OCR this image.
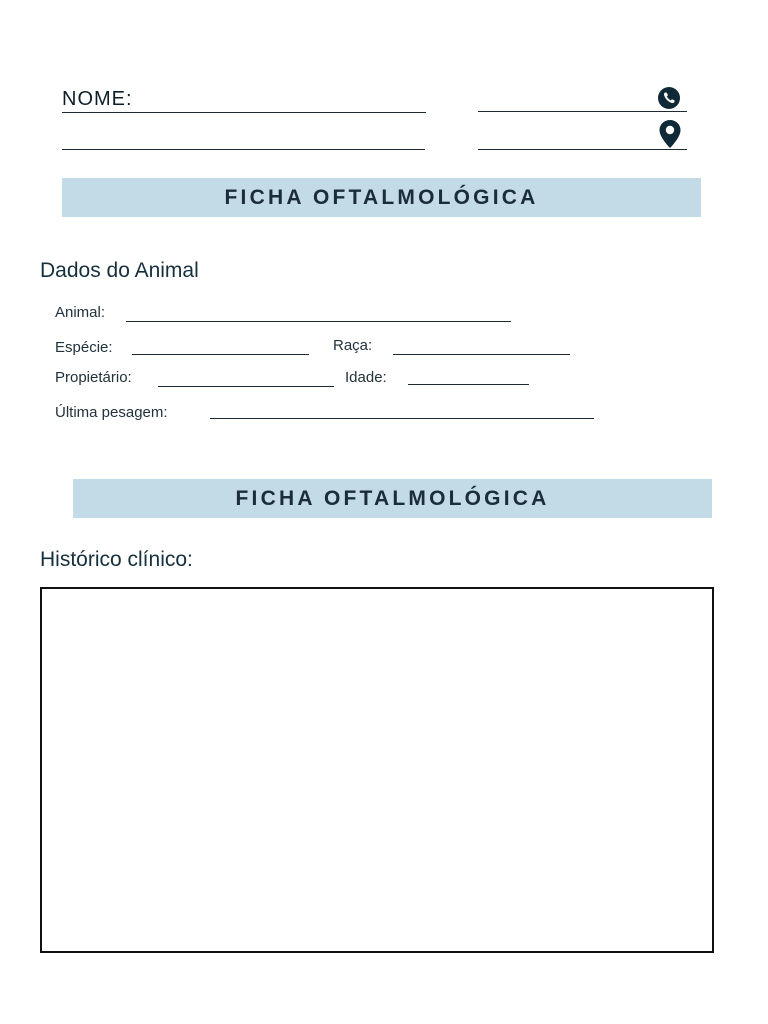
NOME:
FICHA OFTALMOLÓGICA
Dados do Animal
Animal:
Espécie:	Raça:
Propietário:	Idade:
Última pesagem:
FICHA OFTALMOLÓGICA
Histórico clínico:
